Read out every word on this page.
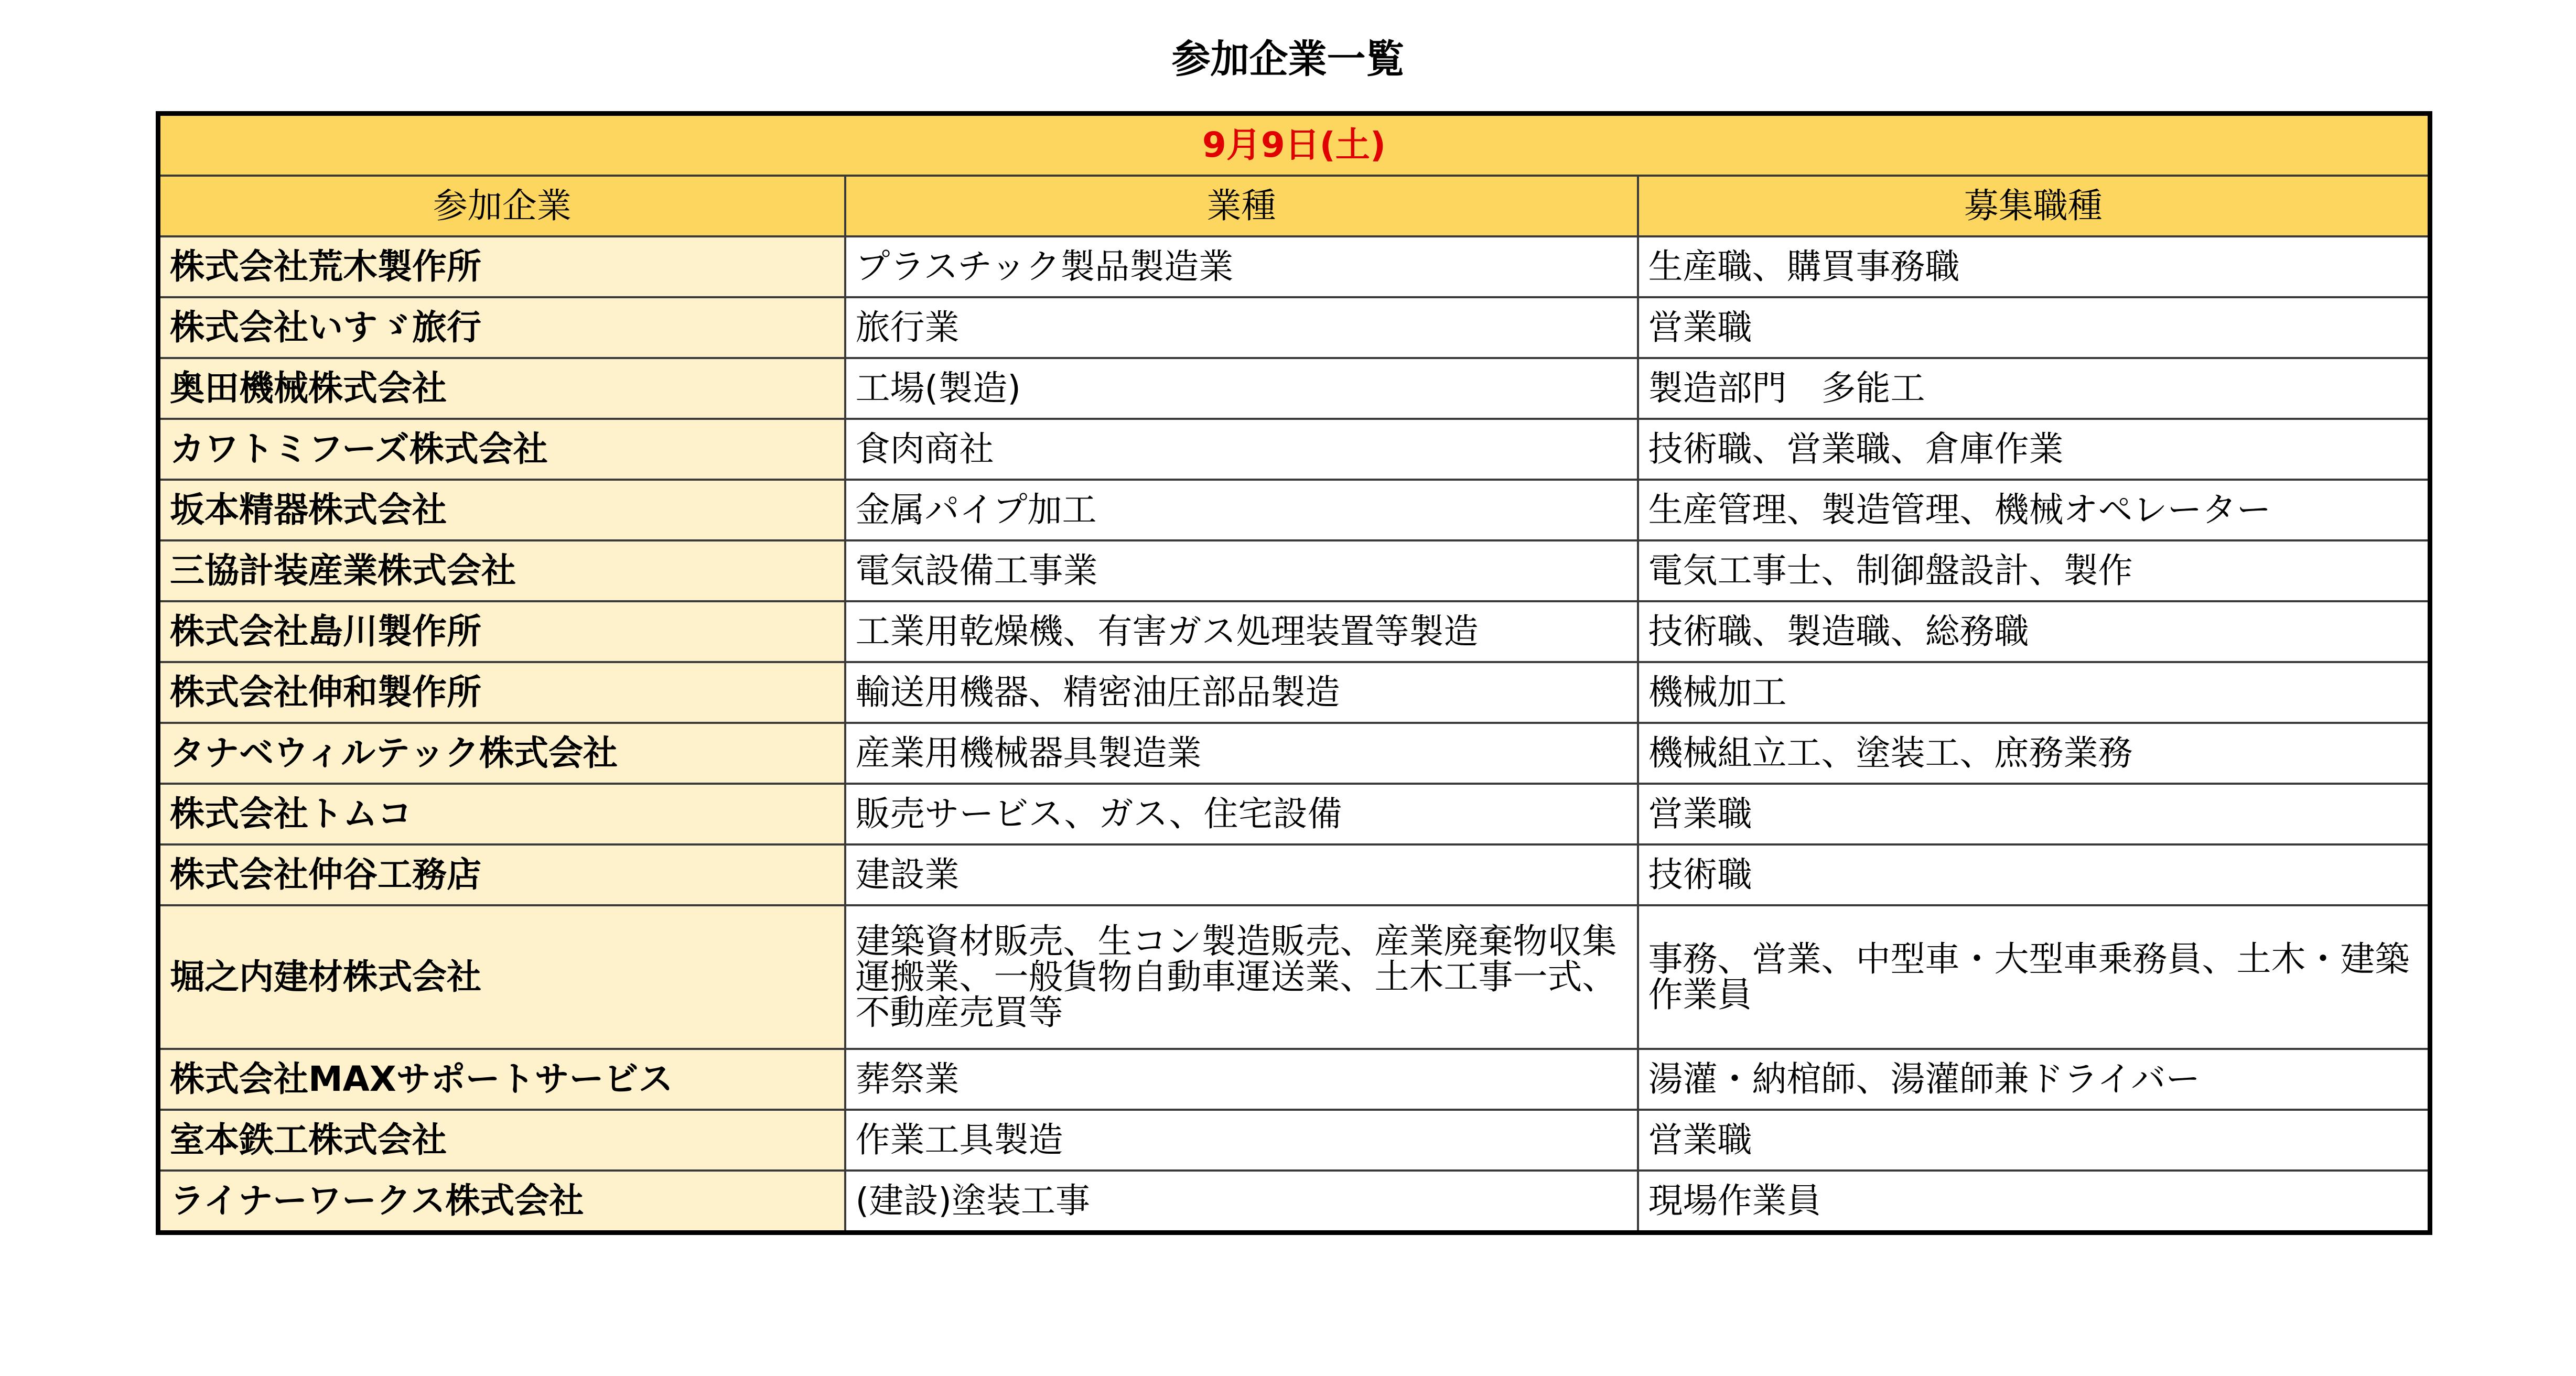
参加企業一覧
9月9日(土)		
参加企業	業種	募集職種
株式会社荒木製作所	プラスチック製品製造業	生産職、購買事務職
株式会社いすゞ旅行	旅行業	営業職
奥田機械株式会社	工場(製造)	製造部門　多能工
カワトミフーズ株式会社	食肉商社	技術職、営業職、倉庫作業
坂本精器株式会社	金属パイプ加工	生産管理、製造管理、機械オペレーター
三協計装産業株式会社	電気設備工事業	電気工事士、制御盤設計、製作
株式会社島川製作所	工業用乾燥機、有害ガス処理装置等製造	技術職、製造職、総務職
株式会社伸和製作所	輸送用機器、精密油圧部品製造	機械加工
タナベウィルテック株式会社	産業用機械器具製造業	機械組立工、塗装工、庶務業務
株式会社トムコ	販売サービス、ガス、住宅設備	営業職
株式会社仲谷工務店	建設業	技術職
堀之内建材株式会社	建築資材販売、生コン製造販売、産業廃棄物収集運搬業、一般貨物自動車運送業、土木工事一式、不動産売買等	事務、営業、中型車・大型車乗務員、土木・建築作業員
株式会社MAXサポートサービス	葬祭業	湯灌・納棺師、湯灌師兼ドライバー
室本鉄工株式会社	作業工具製造	営業職
ライナーワークス株式会社	(建設)塗装工事	現場作業員
